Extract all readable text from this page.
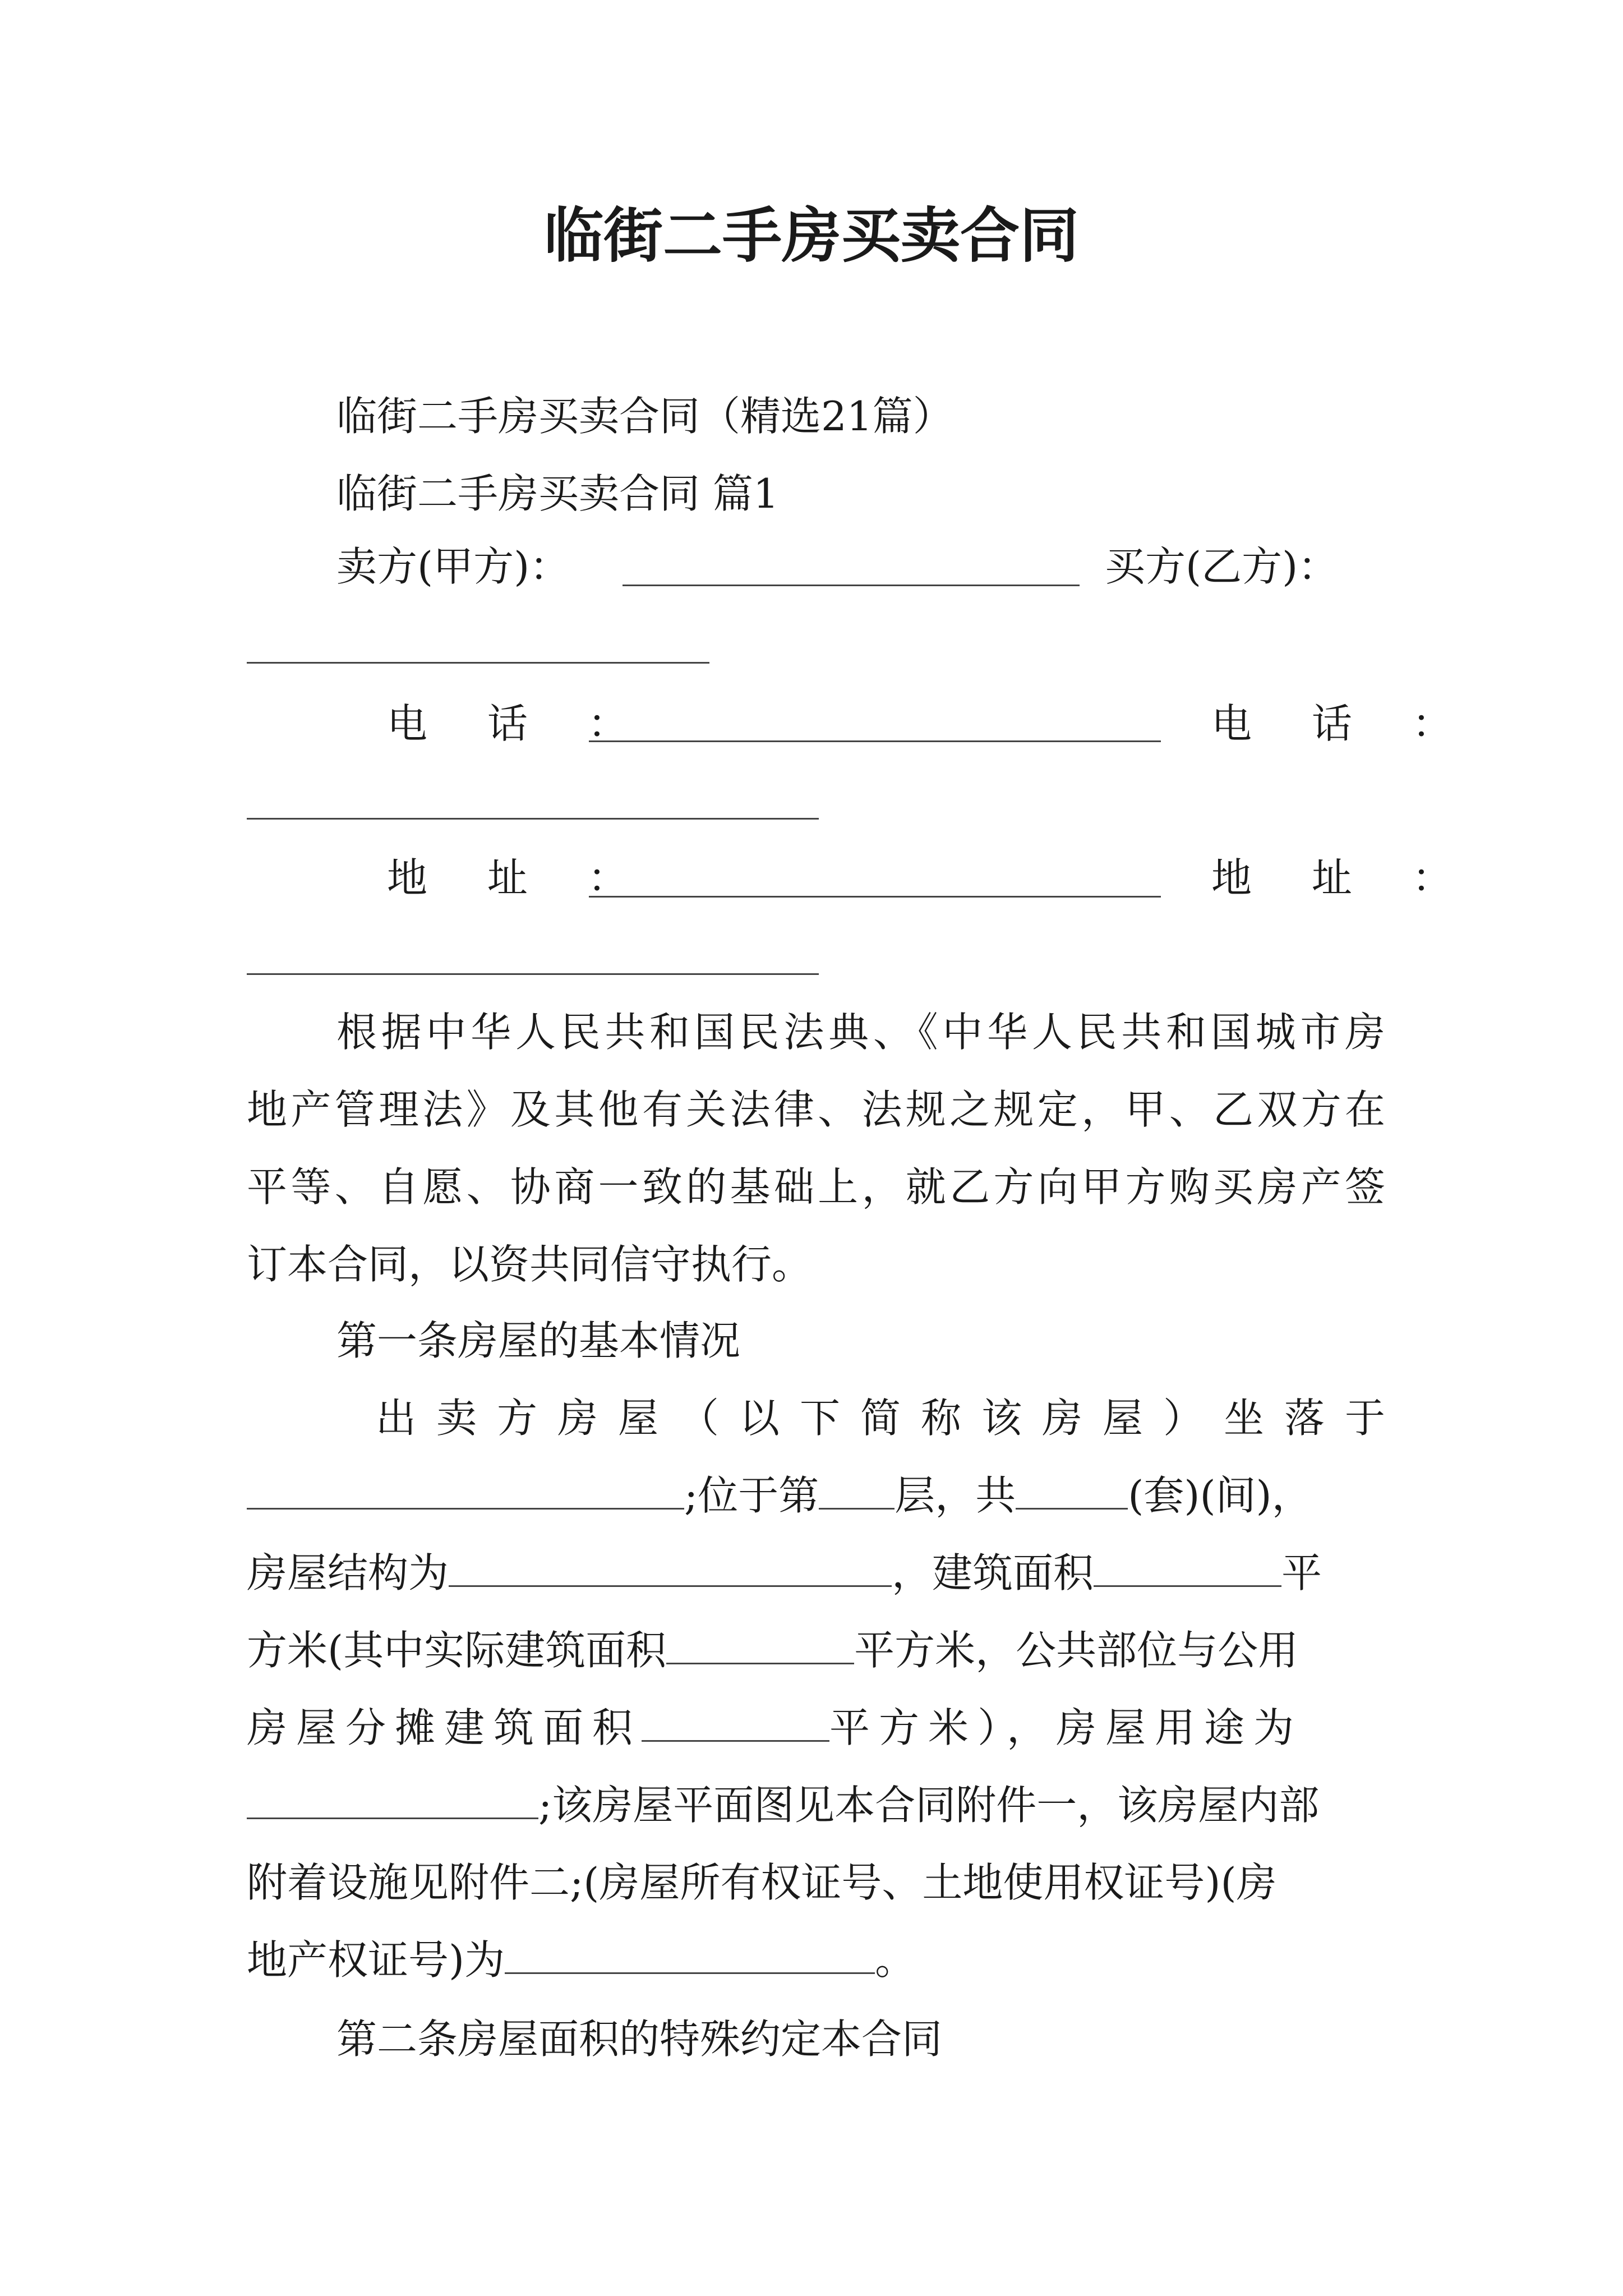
临街二手房买卖合同

临街二手房买卖合同（精选21篇）

临街二手房买卖合同 篇1

卖方(甲方)：	买方(乙方)：
电 话 ：	电 话 ：
地 址 ：	地 址 ：

根据中华人民共和国民法典、《中华人民共和国城市房

地产管理法》及其他有关法律、法规之规定，甲、乙双方在

平等、自愿、协商一致的基础上，就乙方向甲方购买房产签

订本合同，以资共同信守执行。

第一条房屋的基本情况

出卖方房屋（以下简称该房屋）坐落于

;位于第 层，共	(套)(间)，

房屋结构为	，建筑面积	平

方米(其中实际建筑面积	平方米，公共部位与公用

房屋分摊建筑面积	平方米），房屋用途为

;该房屋平面图见本合同附件一，该房屋内部

附着设施见附件二;(房屋所有权证号、土地使用权证号)(房

地产权证号)为	。

第二条房屋面积的特殊约定本合同
